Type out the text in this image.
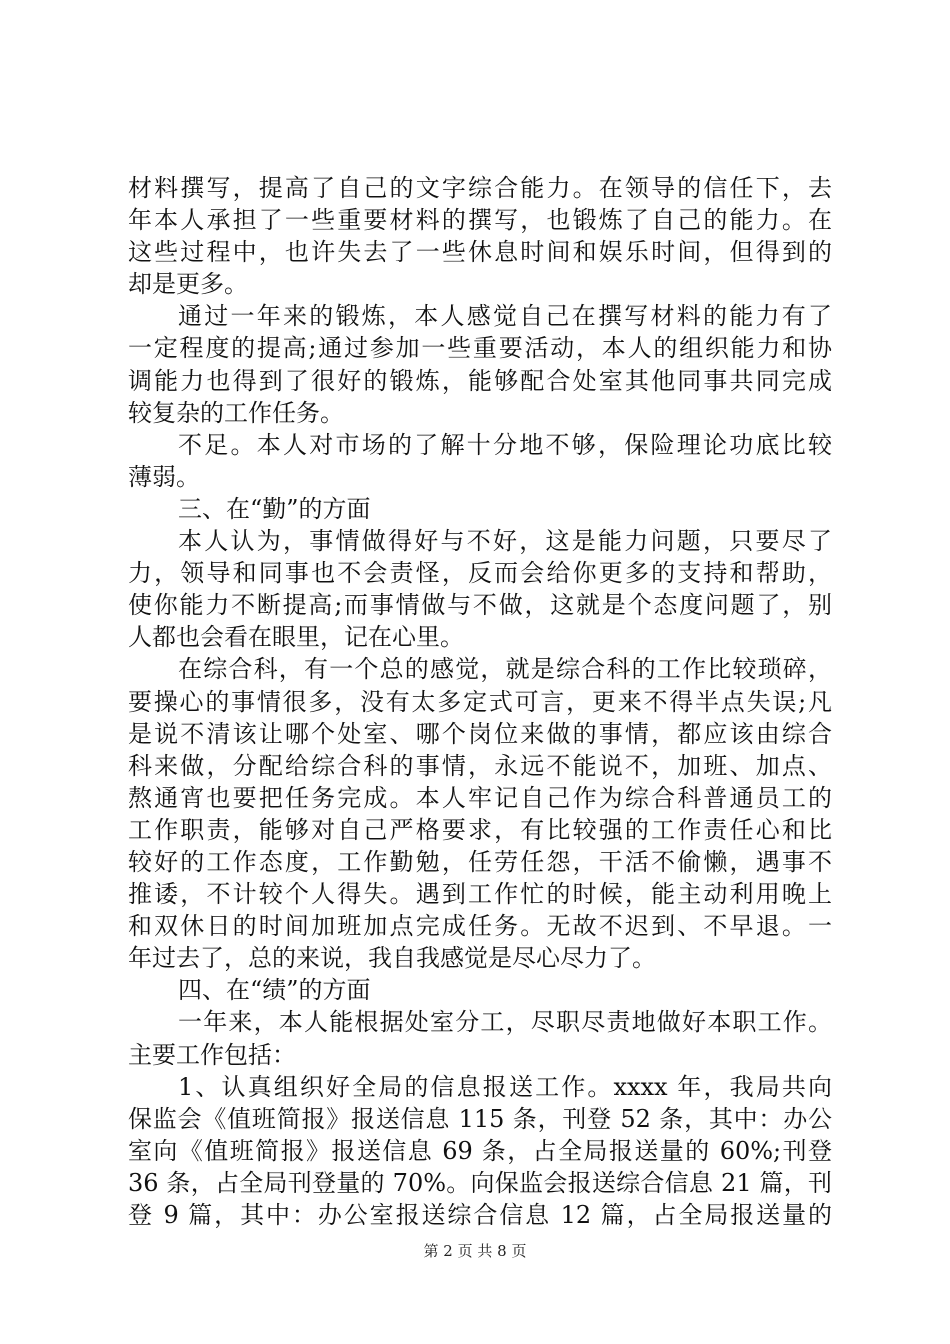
材料撰写，提高了自己的文字综合能力。在领导的信任下，去
年本人承担了一些重要材料的撰写，也锻炼了自己的能力。在
这些过程中，也许失去了一些休息时间和娱乐时间，但得到的
却是更多。
通过一年来的锻炼，本人感觉自己在撰写材料的能力有了
一定程度的提高;通过参加一些重要活动，本人的组织能力和协
调能力也得到了很好的锻炼，能够配合处室其他同事共同完成
较复杂的工作任务。
不足。本人对市场的了解十分地不够，保险理论功底比较
薄弱。
三、在“勤”的方面
本人认为，事情做得好与不好，这是能力问题，只要尽了
力，领导和同事也不会责怪，反而会给你更多的支持和帮助，
使你能力不断提高;而事情做与不做，这就是个态度问题了，别
人都也会看在眼里，记在心里。
在综合科，有一个总的感觉，就是综合科的工作比较琐碎，
要操心的事情很多，没有太多定式可言，更来不得半点失误;凡
是说不清该让哪个处室、哪个岗位来做的事情，都应该由综合
科来做，分配给综合科的事情，永远不能说不，加班、加点、
熬通宵也要把任务完成。本人牢记自己作为综合科普通员工的
工作职责，能够对自己严格要求，有比较强的工作责任心和比
较好的工作态度，工作勤勉，任劳任怨，干活不偷懒，遇事不
推诿，不计较个人得失。遇到工作忙的时候，能主动利用晚上
和双休日的时间加班加点完成任务。无故不迟到、不早退。一
年过去了，总的来说，我自我感觉是尽心尽力了。
四、在“绩”的方面
一年来，本人能根据处室分工，尽职尽责地做好本职工作。
主要工作包括：
1、认真组织好全局的信息报送工作。xxxx 年，我局共向
保监会《值班简报》报送信息 115 条，刊登 52 条，其中：办公
室向《值班简报》报送信息 69 条，占全局报送量的 60%;刊登
36 条，占全局刊登量的 70%。向保监会报送综合信息 21 篇，刊
登 9 篇，其中：办公室报送综合信息 12 篇，占全局报送量的
第 2 页 共 8 页
